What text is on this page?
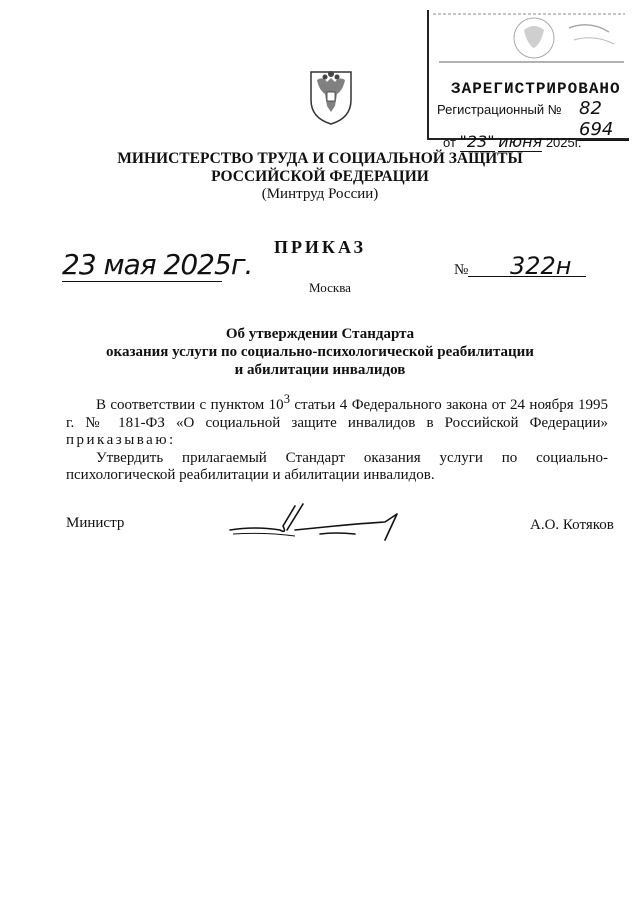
ЗАРЕГИСТРИРОВАНО
Регистрационный № 82 694
от "23" июня 2025г.
МИНИСТЕРСТВО ТРУДА И СОЦИАЛЬНОЙ ЗАЩИТЫ
РОССИЙСКОЙ ФЕДЕРАЦИИ
(Минтруд России)
ПРИКАЗ
23 мая 2025г.	№ 322н
Москва
Об утверждении Стандарта
оказания услуги по социально-психологической реабилитации
и абилитации инвалидов

В соответствии с пунктом $10^3$ статьи 4 Федерального закона от 24 ноября 1995 г. № 181-ФЗ «О социальной защите инвалидов в Российской Федерации» приказываю:

Утвердить прилагаемый Стандарт оказания услуги по социально-психологической реабилитации и абилитации инвалидов.

Министр	А.О. Котяков
